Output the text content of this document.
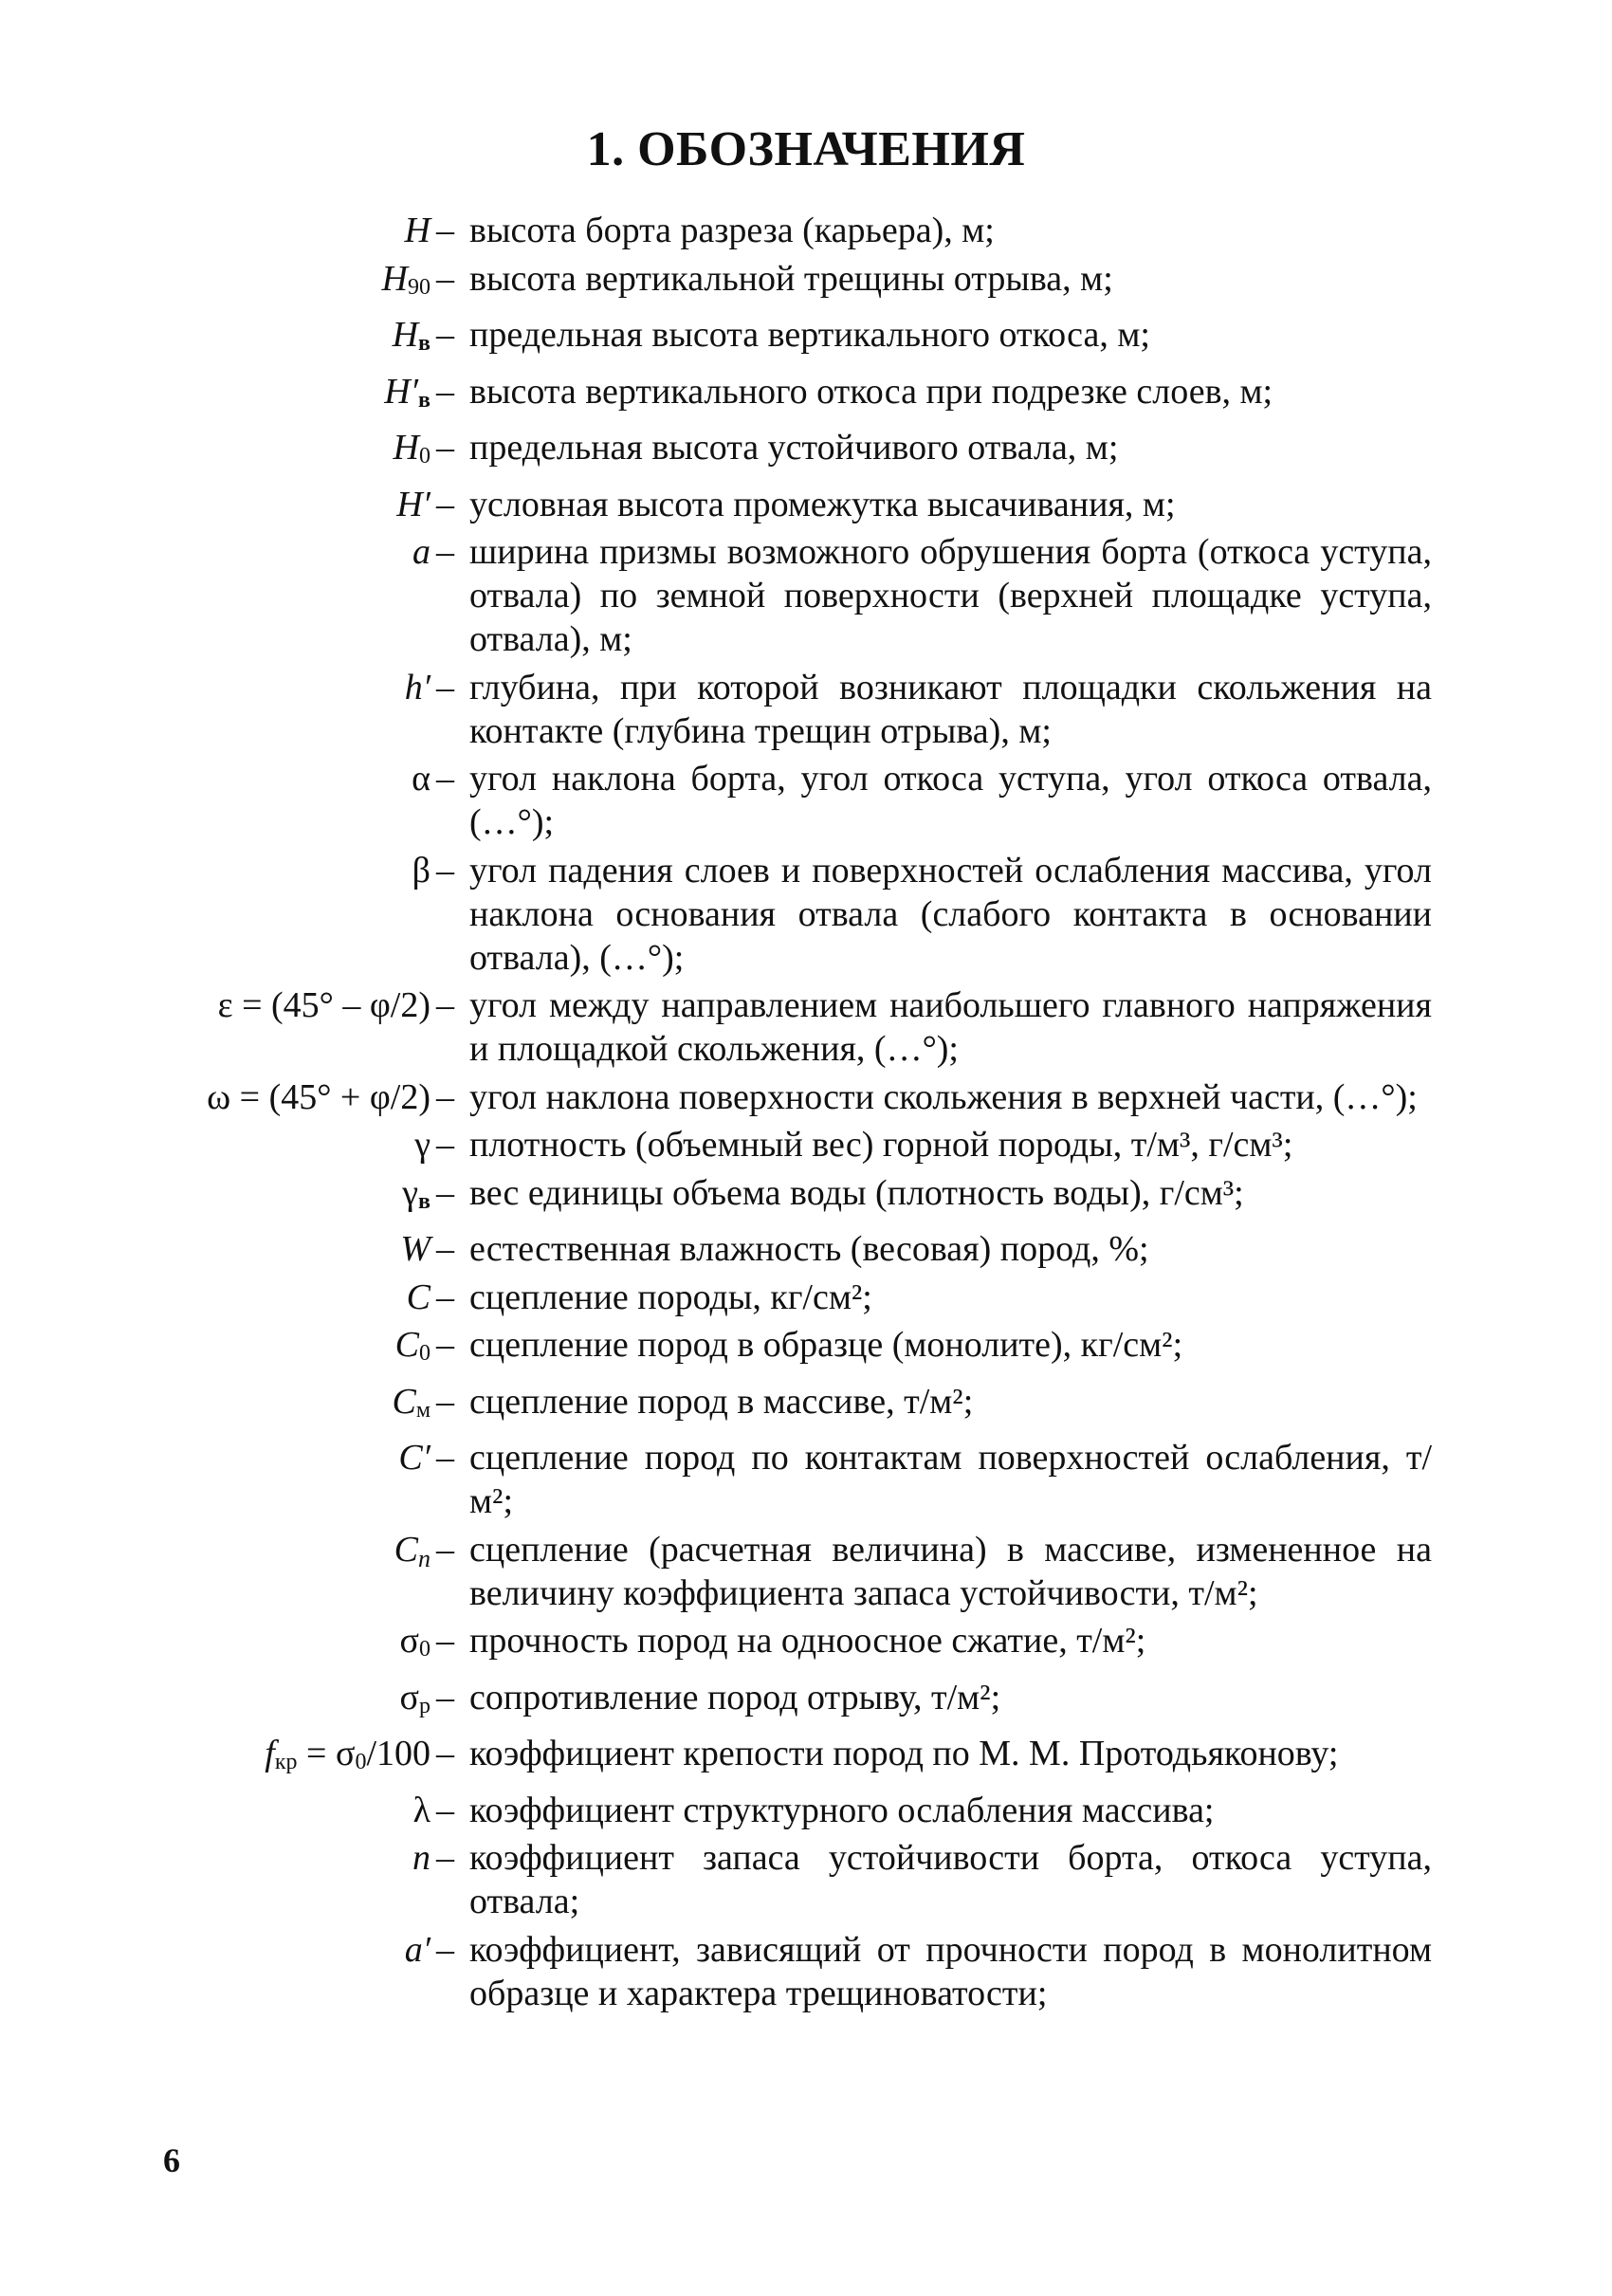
1. ОБОЗНАЧЕНИЯ
H – высота борта разреза (карьера), м;
H90 – высота вертикальной трещины отрыва, м;
Hв – предельная высота вертикального откоса, м;
H′в – высота вертикального откоса при подрезке слоев, м;
H0 – предельная высота устойчивого отвала, м;
H′ – условная высота промежутка высачивания, м;
a – ширина призмы возможного обрушения борта (откоса уступа, отвала) по земной поверхности (верхней площадке уступа, отвала), м;
h′ – глубина, при которой возникают площадки скольжения на контакте (глубина трещин отрыва), м;
α – угол наклона борта, угол откоса уступа, угол откоса отвала, (…°);
β – угол падения слоев и поверхностей ослабления массива, угол наклона основания отвала (слабого контакта в основании отвала), (…°);
ε = (45° – φ/2) – угол между направлением наибольшего главного напряжения и площадкой скольжения, (…°);
ω = (45° + φ/2) – угол наклона поверхности скольжения в верхней части, (…°);
γ – плотность (объемный вес) горной породы, т/м³, г/см³;
γв – вес единицы объема воды (плотность воды), г/см³;
W – естественная влажность (весовая) пород, %;
C – сцепление породы, кг/см²;
C0 – сцепление пород в образце (монолите), кг/см²;
Cм – сцепление пород в массиве, т/м²;
C′ – сцепление пород по контактам поверхностей ослабления, т/м²;
Cn – сцепление (расчетная величина) в массиве, измененное на величину коэффициента запаса устойчивости, т/м²;
σ0 – прочность пород на одноосное сжатие, т/м²;
σр – сопротивление пород отрыву, т/м²;
fкр = σ0/100 – коэффициент крепости пород по М. М. Протодьяконову;
λ – коэффициент структурного ослабления массива;
n – коэффициент запаса устойчивости борта, откоса уступа, отвала;
a′ – коэффициент, зависящий от прочности пород в монолитном образце и характера трещиноватости;
6
